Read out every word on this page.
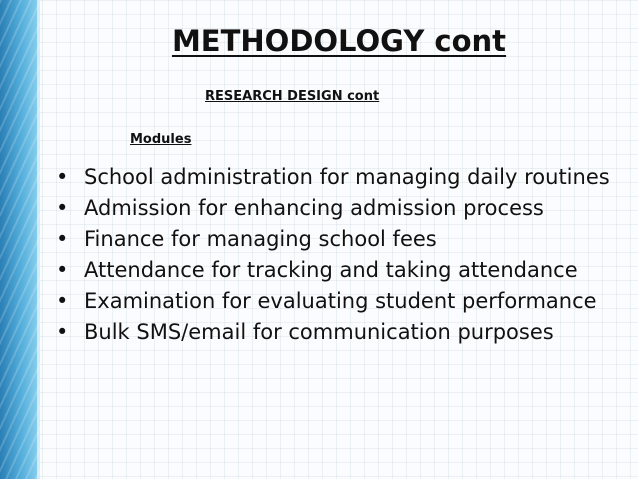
METHODOLOGY cont
RESEARCH DESIGN cont
Modules
• School administration for managing daily routines
• Admission for enhancing admission process
• Finance for managing school fees
• Attendance for tracking and taking attendance
• Examination for evaluating student performance
• Bulk SMS/email for communication purposes
